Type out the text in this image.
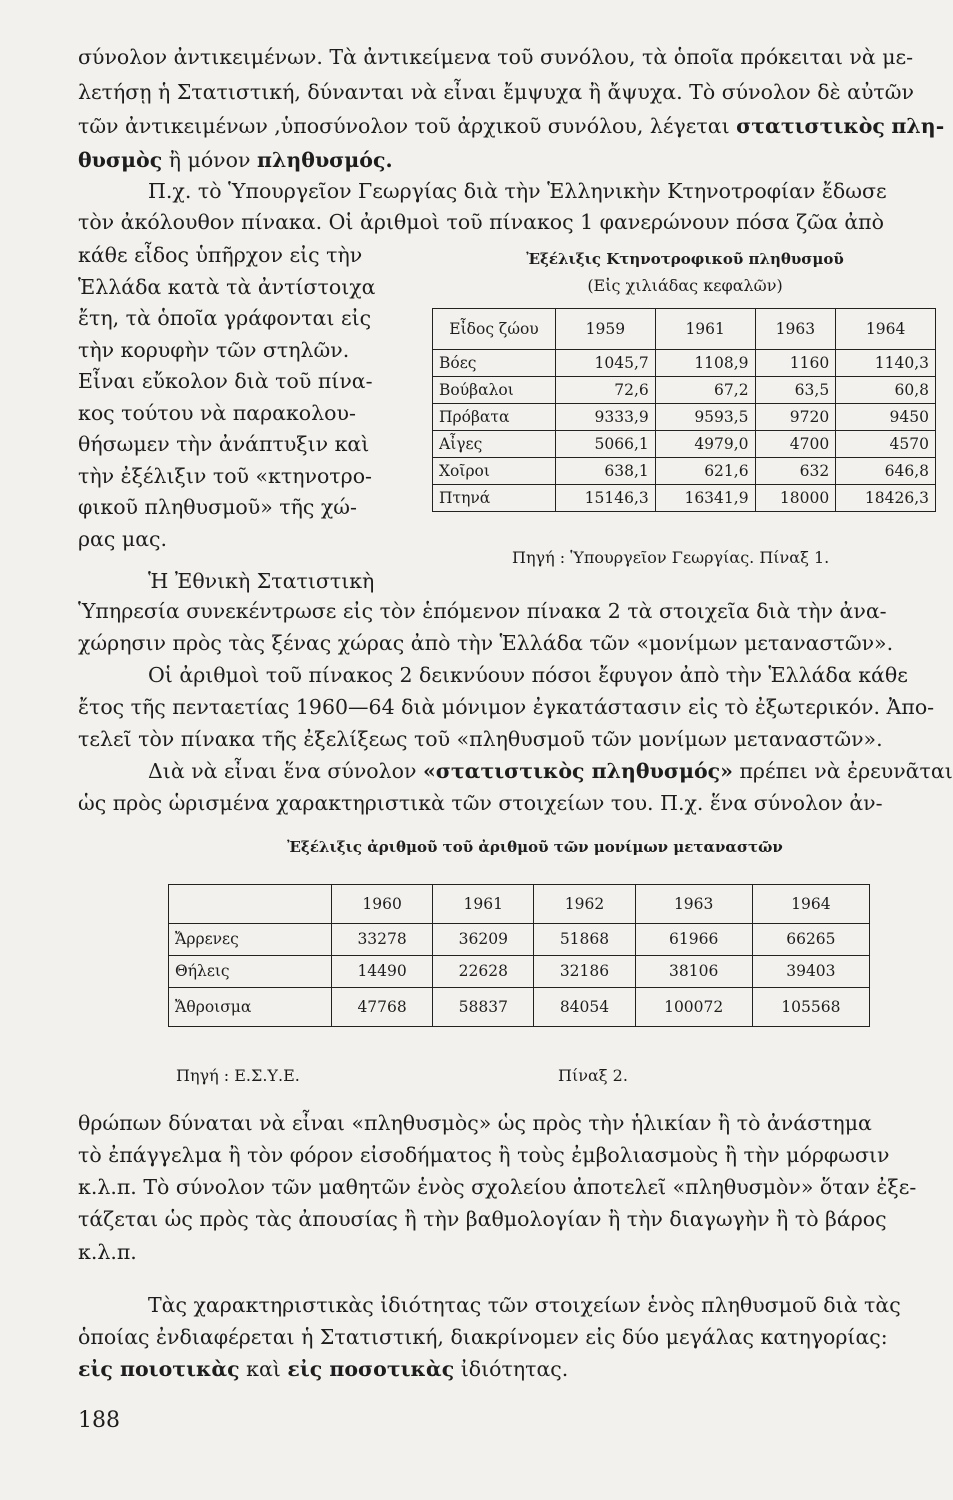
σύνολον ἀντικειμένων. Τὰ ἀντικείμενα τοῦ συνόλου, τὰ ὁποῖα πρόκειται νὰ με-
λετήσῃ ἡ Στατιστική, δύνανται νὰ εἶναι ἔμψυχα ἢ ἄψυχα. Τὸ σύνολον δὲ αὐτῶν
τῶν ἀντικειμένων ,ὑποσύνολον τοῦ ἀρχικοῦ συνόλου, λέγεται στατιστικὸς πλη-
θυσμὸς ἢ μόνον πληθυσμός.
Π.χ. τὸ Ὑπουργεῖον Γεωργίας διὰ τὴν Ἑλληνικὴν Κτηνοτροφίαν ἔδωσε
τὸν ἀκόλουθον πίνακα. Οἱ ἀριθμοὶ τοῦ πίνακος 1 φανερώνουν πόσα ζῶα ἀπὸ
κάθε εἶδος ὑπῆρχον εἰς τὴν
Ἑλλάδα κατὰ τὰ ἀντίστοιχα
ἔτη, τὰ ὁποῖα γράφονται εἰς
τὴν κορυφὴν τῶν στηλῶν.
Εἶναι εὔκολον διὰ τοῦ πίνα-
κος τούτου νὰ παρακολου-
θήσωμεν τὴν ἀνάπτυξιν καὶ
τὴν ἐξέλιξιν τοῦ «κτηνοτρο-
φικοῦ πληθυσμοῦ» τῆς χώ-
ρας μας.
Ἐξέλιξις Κτηνοτροφικοῦ πληθυσμοῦ
(Εἰς χιλιάδας κεφαλῶν)
Εἶδος ζώου	1959	1961	1963	1964
Βόες	1045,7	1108,9	1160	1140,3
Βούβαλοι	72,6	67,2	63,5	60,8
Πρόβατα	9333,9	9593,5	9720	9450
Αἶγες	5066,1	4979,0	4700	4570
Χοῖροι	638,1	621,6	632	646,8
Πτηνά	15146,3	16341,9	18000	18426,3
Πηγή : Ὑπουργεῖον Γεωργίας. Πίναξ 1.
Ἡ Ἐθνικὴ Στατιστικὴ
Ὑπηρεσία συνεκέντρωσε εἰς τὸν ἑπόμενον πίνακα 2 τὰ στοιχεῖα διὰ τὴν ἀνα-
χώρησιν πρὸς τὰς ξένας χώρας ἀπὸ τὴν Ἑλλάδα τῶν «μονίμων μεταναστῶν».
Οἱ ἀριθμοὶ τοῦ πίνακος 2 δεικνύουν πόσοι ἔφυγον ἀπὸ τὴν Ἑλλάδα κάθε
ἔτος τῆς πενταετίας 1960—64 διὰ μόνιμον ἐγκατάστασιν εἰς τὸ ἐξωτερικόν. Ἀπο-
τελεῖ τὸν πίνακα τῆς ἐξελίξεως τοῦ «πληθυσμοῦ τῶν μονίμων μεταναστῶν».
Διὰ νὰ εἶναι ἕνα σύνολον «στατιστικὸς πληθυσμός» πρέπει νὰ ἐρευνᾶται
ὡς πρὸς ὡρισμένα χαρακτηριστικὰ τῶν στοιχείων του. Π.χ. ἕνα σύνολον ἀν-
Ἐξέλιξις ἀριθμοῦ τοῦ ἀριθμοῦ τῶν μονίμων μεταναστῶν
	1960	1961	1962	1963	1964
Ἄρρενες	33278	36209	51868	61966	66265
Θήλεις	14490	22628	32186	38106	39403
Ἄθροισμα	47768	58837	84054	100072	105568
Πηγή : Ε.Σ.Υ.Ε.	Πίναξ 2.
θρώπων δύναται νὰ εἶναι «πληθυσμὸς» ὡς πρὸς τὴν ἡλικίαν ἢ τὸ ἀνάστημα
τὸ ἐπάγγελμα ἢ τὸν φόρον εἰσοδήματος ἢ τοὺς ἐμβολιασμοὺς ἢ τὴν μόρφωσιν
κ.λ.π. Τὸ σύνολον τῶν μαθητῶν ἑνὸς σχολείου ἀποτελεῖ «πληθυσμὸν» ὅταν ἐξε-
τάζεται ὡς πρὸς τὰς ἀπουσίας ἢ τὴν βαθμολογίαν ἢ τὴν διαγωγὴν ἢ τὸ βάρος
κ.λ.π.
Τὰς χαρακτηριστικὰς ἰδιότητας τῶν στοιχείων ἑνὸς πληθυσμοῦ διὰ τὰς
ὁποίας ἐνδιαφέρεται ἡ Στατιστική, διακρίνομεν εἰς δύο μεγάλας κατηγορίας:
εἰς ποιοτικὰς καὶ εἰς ποσοτικὰς ἰδιότητας.
188
